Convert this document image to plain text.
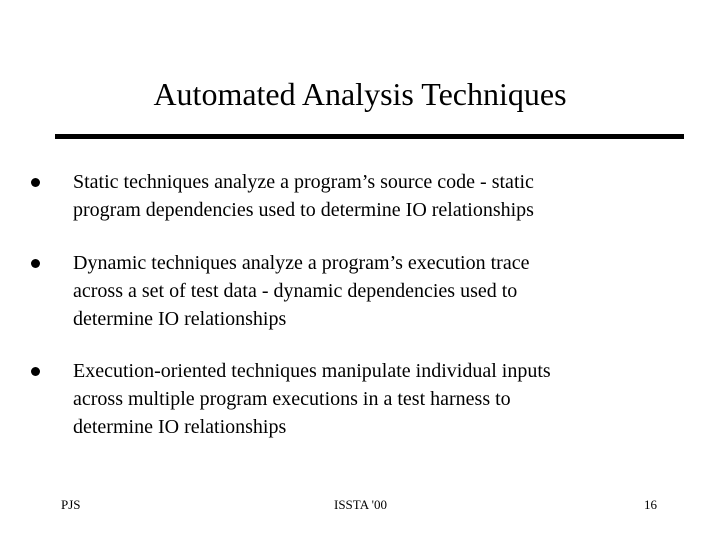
Automated Analysis Techniques
Static techniques analyze a program’s source code - static
program dependencies used to determine IO relationships
Dynamic techniques analyze a program’s execution trace
across a set of test data - dynamic dependencies used to
determine IO relationships
Execution-oriented techniques manipulate individual inputs
across multiple program executions in a test harness to
determine IO relationships
PJS	ISSTA '00	16
